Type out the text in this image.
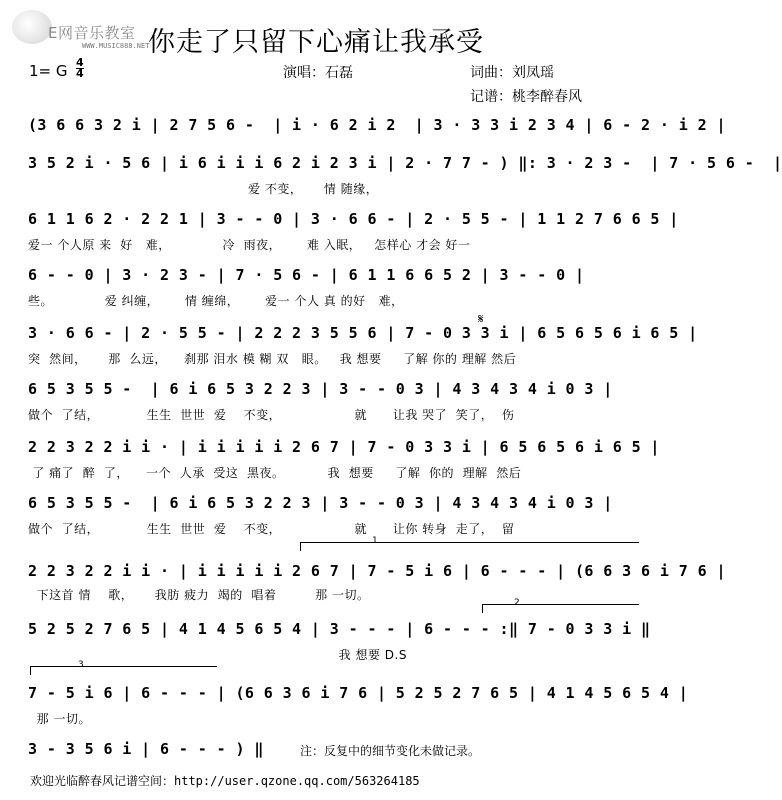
E网音乐教室
WWW.MUSIC888.NET
你走了只留下心痛让我承受
1= G 4
4	演唱：石磊	词曲：刘凤瑶
记谱：桃李醉春风
(3 6 6 3 2 i | 2 7 5 6 -  | i · 6 2 i 2  | 3 · 3 3 i 2 3 4 | 6 - 2 · i 2 |
3 5 2 i · 5 6 | i 6 i i i 6 2 i 2 3 i | 2 · 7 7 - ) ‖: 3 · 2 3 -  | 7 · 5 6 -  |
爱 不变，     情 随缘，
6 1 1 6 2 · 2 2 1 | 3 - - 0 | 3 · 6 6 - | 2 · 5 5 - | 1 1 2 7 6 6 5 |
爱一 个人原 来  好   难，            冷  雨夜，      难 入眠，   怎样心 才会 好一
6 - - 0 | 3 · 2 3 - | 7 · 5 6 - | 6 1 1 6 6 5 2 | 3 - - 0 |
些。            爱 纠缠，      情 缠绵，      爱一 个人 真 的好   难，
𝄋
3 · 6 6 - | 2 · 5 5 - | 2 2 2 3 5 5 6 | 7 - 0 3 3 i | 6 5 6 5 6 i 6 5 |
突  然间，     那  么远，    刹那 泪水 模 糊 双   眼。   我 想要     了解 你的 理解 然后
6 5 3 5 5 -  | 6 i 6 5 3 2 2 3 | 3 - - 0 3 | 4 3 4 3 4 i 0 3 |
做个  了结，           生生  世世  爱    不变，                 就      让我 哭了  笑了，  伤
2 2 3 2 2 i i · | i i i i i 2 6 7 | 7 - 0 3 3 i | 6 5 6 5 6 i 6 5 |
了 痛了  醉  了，    一个  人承  受这  黑夜。          我  想要     了解  你的  理解  然后
6 5 3 5 5 -  | 6 i 6 5 3 2 2 3 | 3 - - 0 3 | 4 3 4 3 4 i 0 3 |
做个  了结，           生生  世世  爱    不变，                 就      让你 转身  走了，  留
1
2 2 3 2 2 i i · | i i i i i 2 6 7 | 7 - 5 i 6 | 6 - - - | (6 6 3 6 i 7 6 |
下这首 情    歌，     我肪 疲力  竭的  唱着         那 一切。
2
5 2 5 2 7 6 5 | 4 1 4 5 6 5 4 | 3 - - - | 6 - - - :‖ 7 - 0 3 3 i ‖
我 想要 D.S
3
7 - 5 i 6 | 6 - - - | (6 6 3 6 i 7 6 | 5 2 5 2 7 6 5 | 4 1 4 5 6 5 4 |
那 一切。
3 - 3 5 6 i | 6 - - - ) ‖	注：反复中的细节变化未做记录。
欢迎光临醉春风记谱空间：http://user.qzone.qq.com/563264185
